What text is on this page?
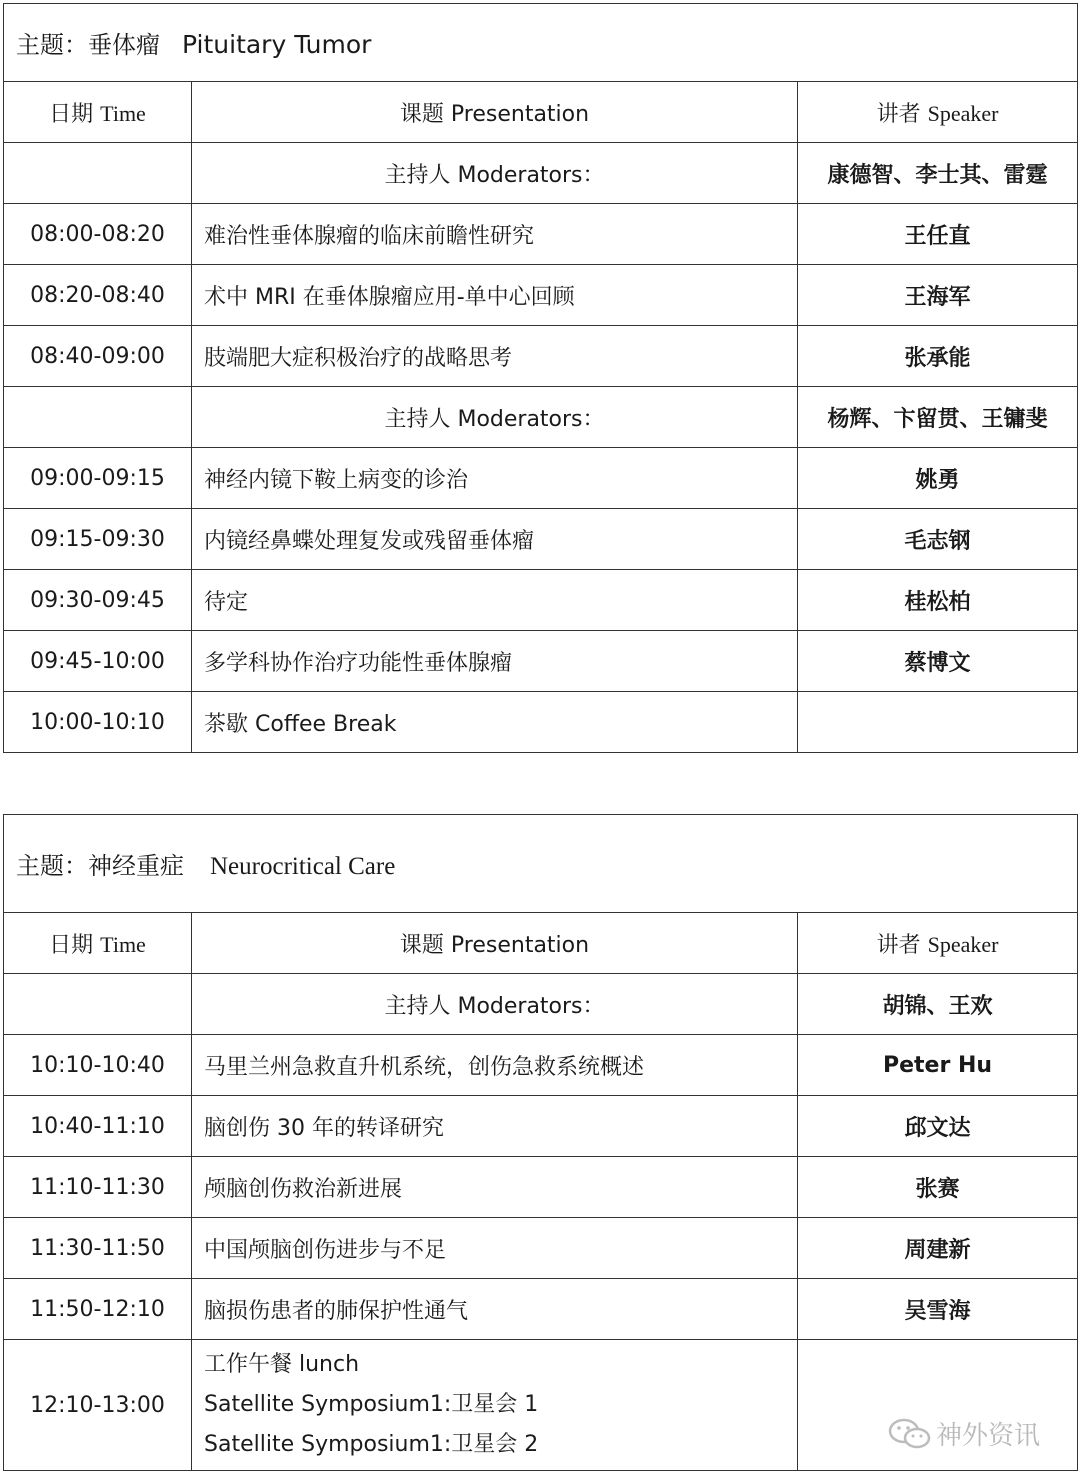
主题：垂体瘤 Pituitary Tumor		
日期 Time	课题 Presentation	讲者 Speaker
	主持人 Moderators：	康德智、李士其、雷霆
08:00-08:20	难治性垂体腺瘤的临床前瞻性研究	王任直
08:20-08:40	术中 MRI 在垂体腺瘤应用-单中心回顾	王海军
08:40-09:00	肢端肥大症积极治疗的战略思考	张承能
	主持人 Moderators：	杨辉、卞留贯、王镛斐
09:00-09:15	神经内镜下鞍上病变的诊治	姚勇
09:15-09:30	内镜经鼻蝶处理复发或残留垂体瘤	毛志钢
09:30-09:45	待定	桂松柏
09:45-10:00	多学科协作治疗功能性垂体腺瘤	蔡博文
10:00-10:10	茶歇 Coffee Break	
主题：神经重症 Neurocritical Care		
日期 Time	课题 Presentation	讲者 Speaker
	主持人 Moderators：	胡锦、王欢
10:10-10:40	马里兰州急救直升机系统，创伤急救系统概述	Peter Hu
10:40-11:10	脑创伤 30 年的转译研究	邱文达
11:10-11:30	颅脑创伤救治新进展	张赛
11:30-11:50	中国颅脑创伤进步与不足	周建新
11:50-12:10	脑损伤患者的肺保护性通气	吴雪海
12:10-13:00	工作午餐 lunch
Satellite Symposium1:卫星会 1
Satellite Symposium1:卫星会 2	
		神外资讯
